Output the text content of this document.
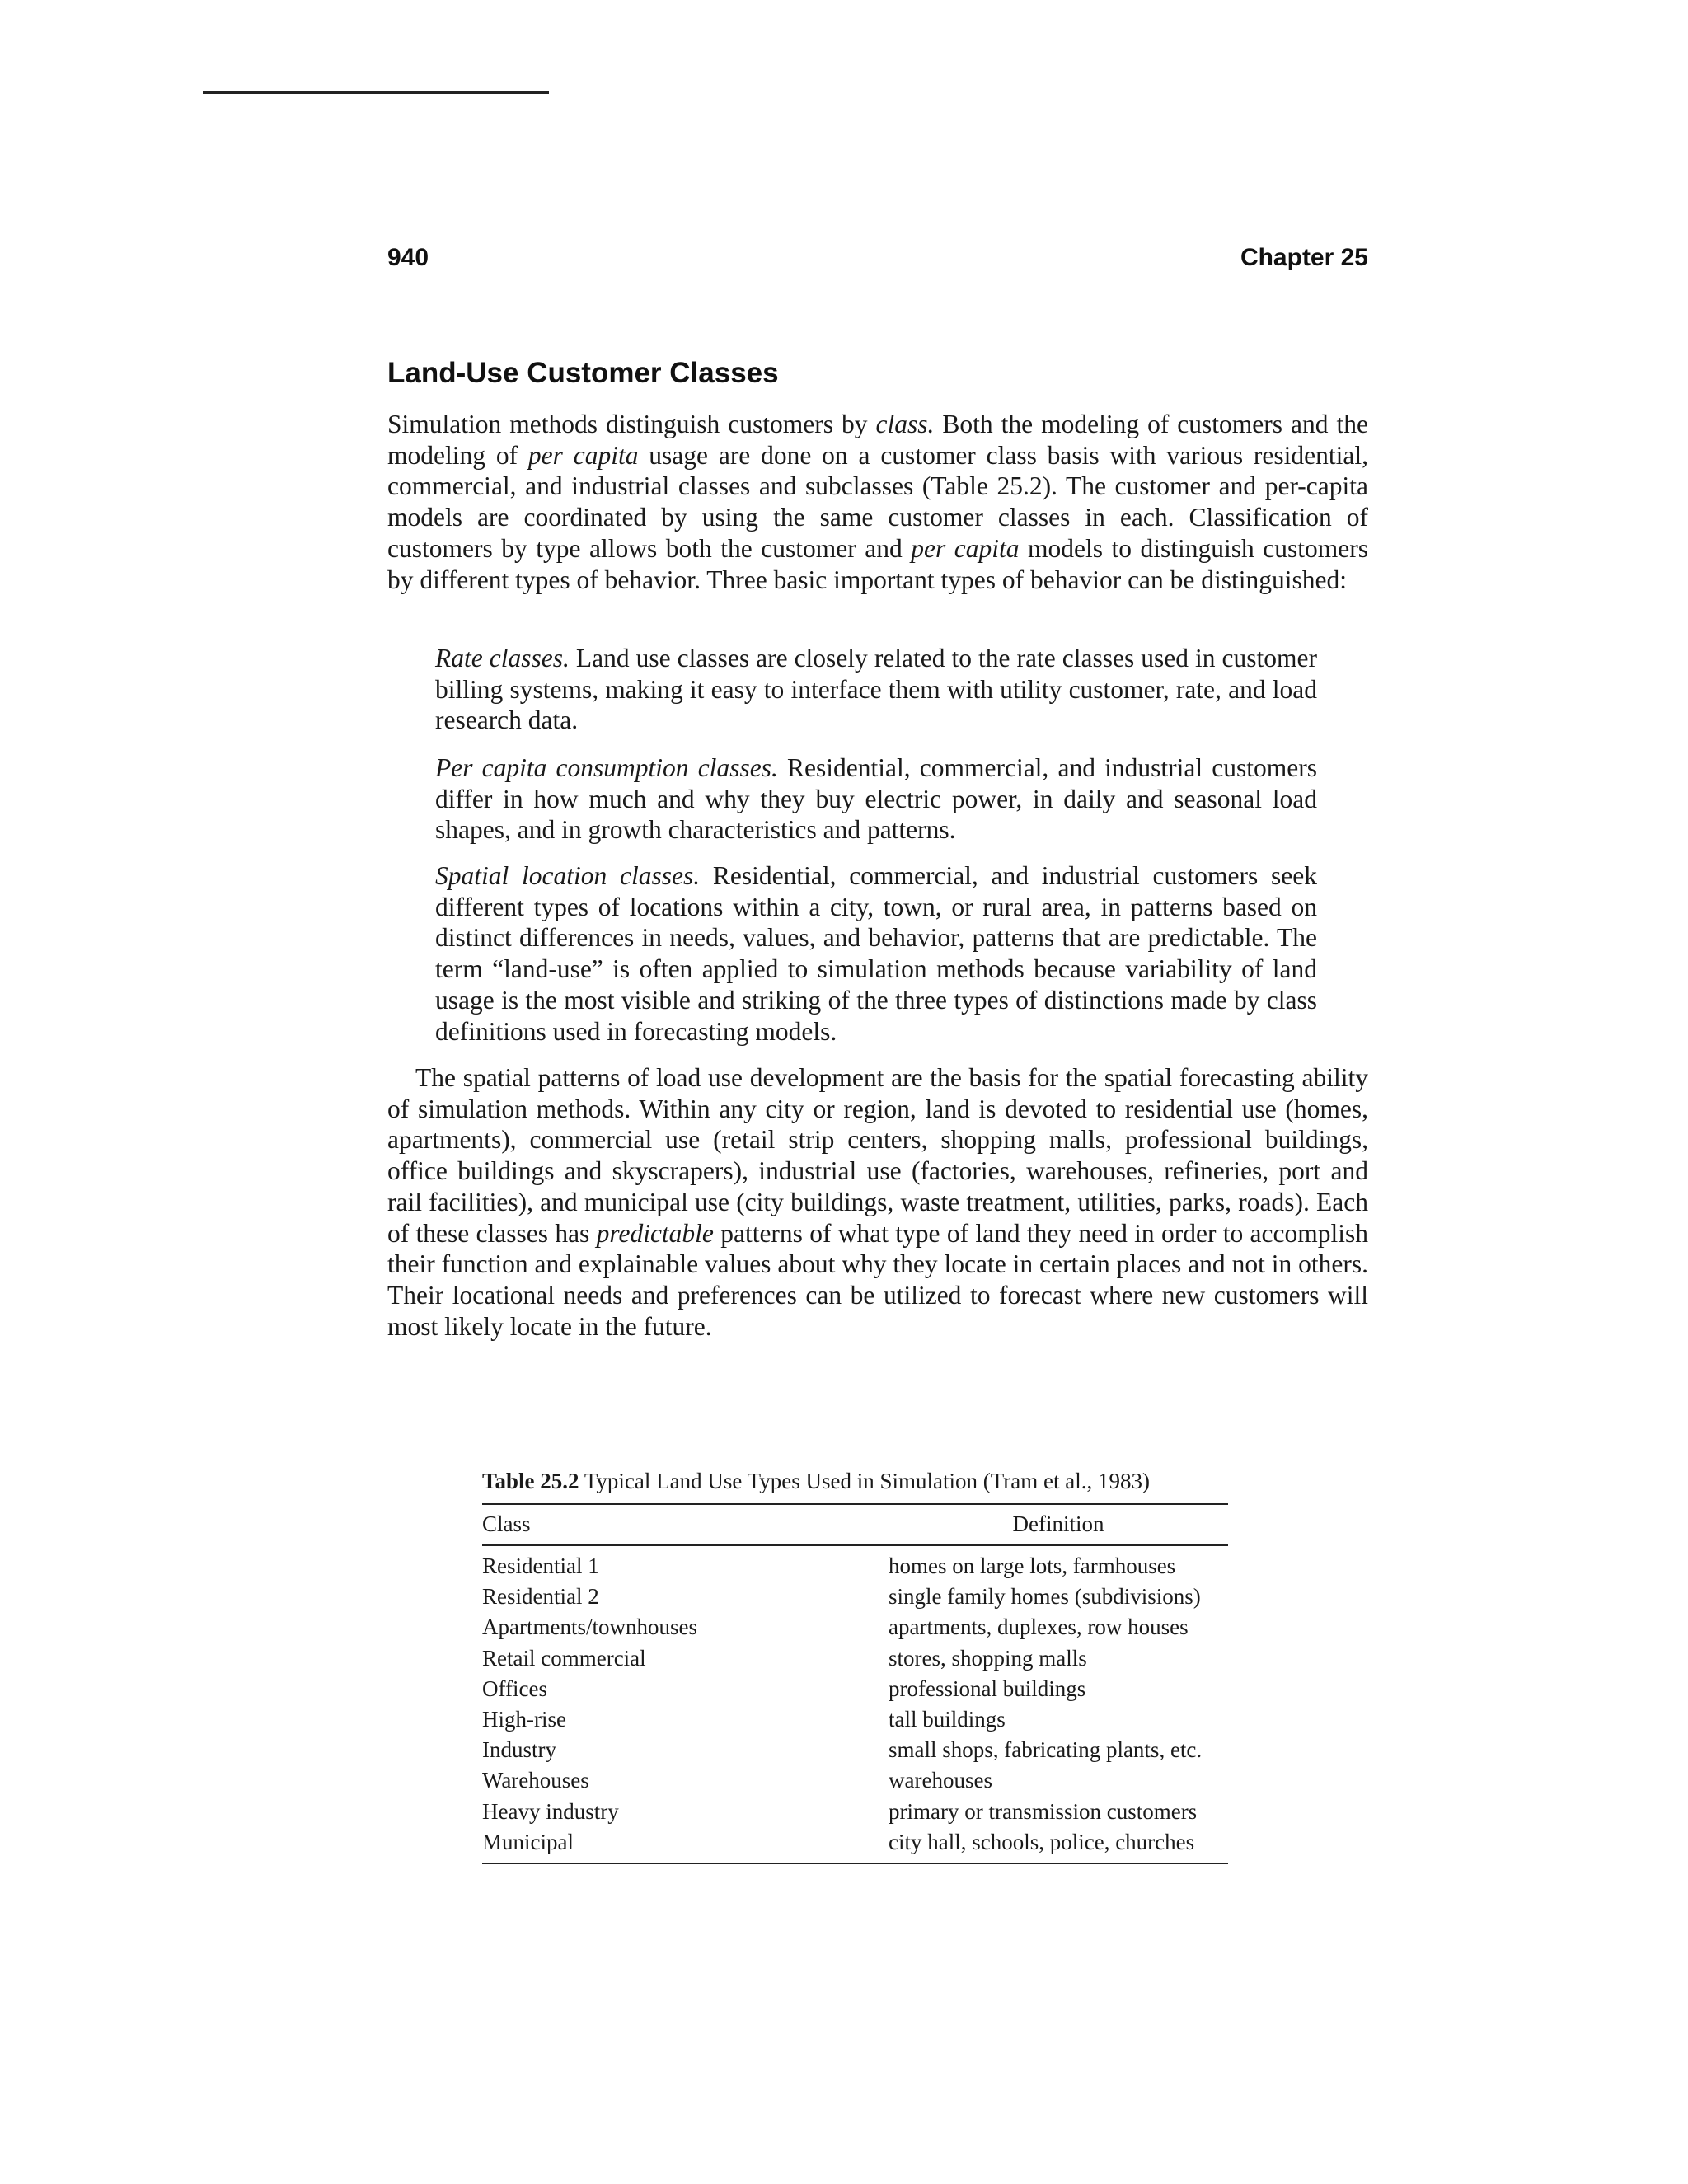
940	Chapter 25
Land-Use Customer Classes

Simulation methods distinguish customers by class. Both the modeling of customers and the modeling of per capita usage are done on a customer class basis with various residential, commercial, and industrial classes and subclasses (Table 25.2). The customer and per-capita models are coordinated by using the same customer classes in each. Classification of customers by type allows both the customer and per capita models to distinguish customers by different types of behavior. Three basic important types of behavior can be distinguished:

Rate classes. Land use classes are closely related to the rate classes used in customer billing systems, making it easy to interface them with utility customer, rate, and load research data.

Per capita consumption classes. Residential, commercial, and industrial customers differ in how much and why they buy electric power, in daily and seasonal load shapes, and in growth characteristics and patterns.

Spatial location classes. Residential, commercial, and industrial customers seek different types of locations within a city, town, or rural area, in patterns based on distinct differences in needs, values, and behavior, patterns that are predictable. The term “land-use” is often applied to simulation methods because variability of land usage is the most visible and striking of the three types of distinctions made by class definitions used in forecasting models.

The spatial patterns of load use development are the basis for the spatial forecasting ability of simulation methods. Within any city or region, land is devoted to residential use (homes, apartments), commercial use (retail strip centers, shopping malls, professional buildings, office buildings and skyscrapers), industrial use (factories, warehouses, refineries, port and rail facilities), and municipal use (city buildings, waste treatment, utilities, parks, roads). Each of these classes has predictable patterns of what type of land they need in order to accomplish their function and explainable values about why they locate in certain places and not in others. Their locational needs and preferences can be utilized to forecast where new customers will most likely locate in the future.

Table 25.2 Typical Land Use Types Used in Simulation (Tram et al., 1983)

Class	Definition
Residential 1	homes on large lots, farmhouses
Residential 2	single family homes (subdivisions)
Apartments/townhouses	apartments, duplexes, row houses
Retail commercial	stores, shopping malls
Offices	professional buildings
High-rise	tall buildings
Industry	small shops, fabricating plants, etc.
Warehouses	warehouses
Heavy industry	primary or transmission customers
Municipal	city hall, schools, police, churches
